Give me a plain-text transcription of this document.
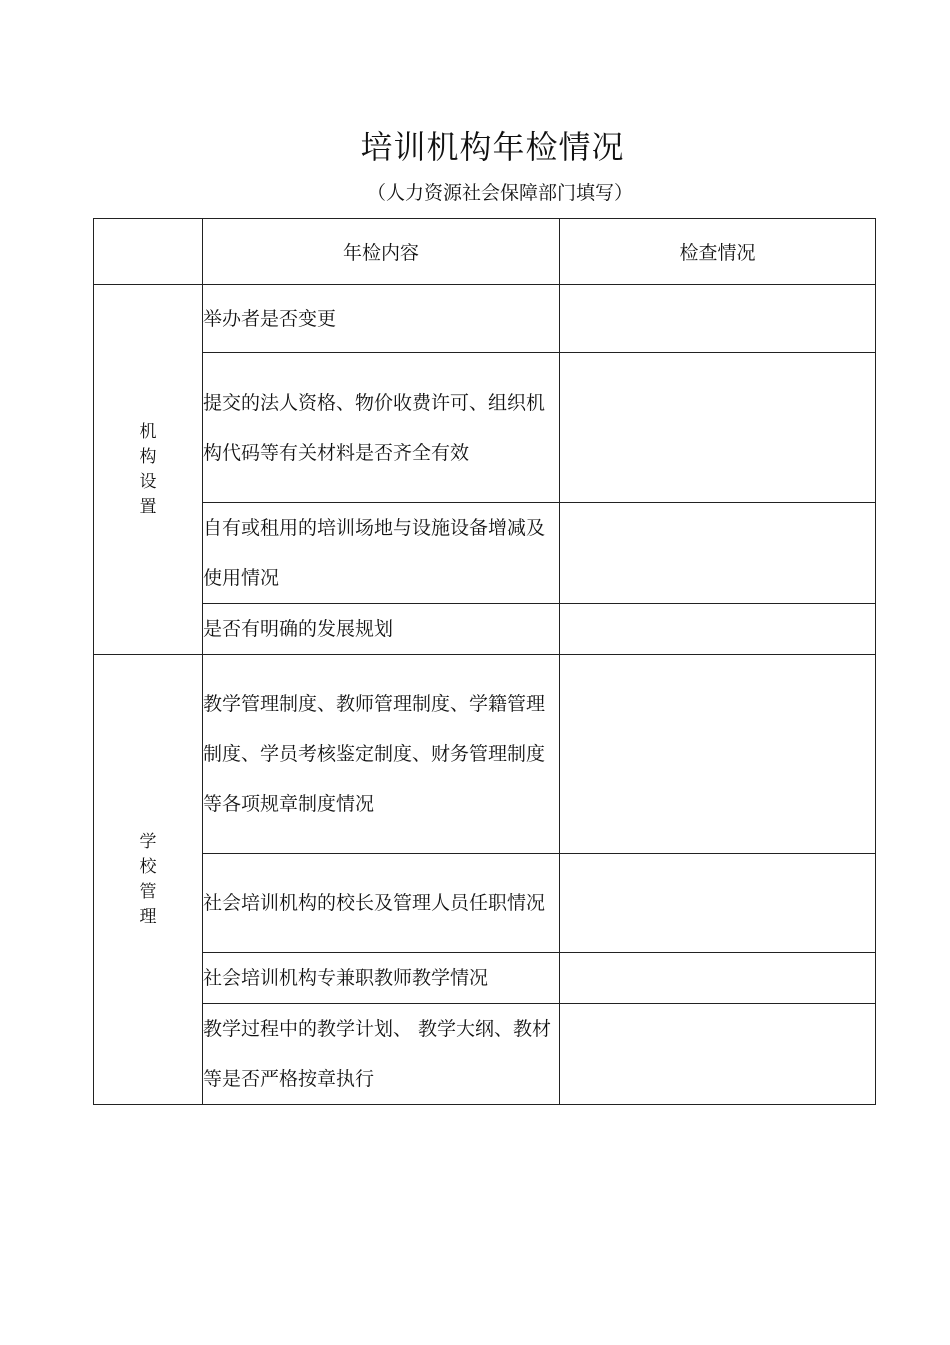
培训机构年检情况
（人力资源社会保障部门填写）
	年检内容	检查情况
机构设置	举办者是否变更	
	提交的法人资格、物价收费许可、组织机构代码等有关材料是否齐全有效	
	自有或租用的培训场地与设施设备增减及使用情况	
	是否有明确的发展规划	
学校管理	教学管理制度、教师管理制度、学籍管理制度、学员考核鉴定制度、财务管理制度等各项规章制度情况	
	社会培训机构的校长及管理人员任职情况	
	社会培训机构专兼职教师教学情况	
	教学过程中的教学计划、 教学大纲、教材等是否严格按章执行	
